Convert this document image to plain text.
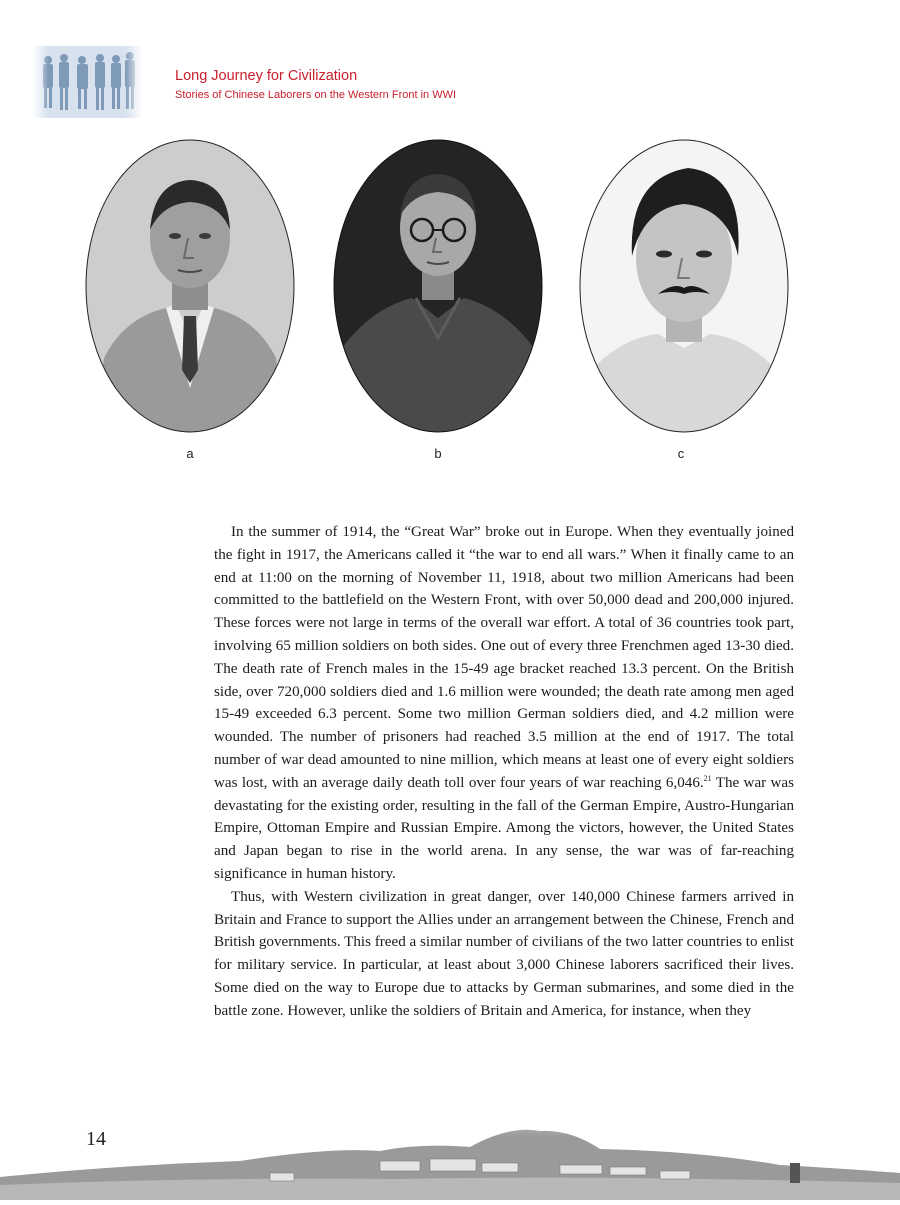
Long Journey for Civilization
Stories of Chinese Laborers on the Western Front in WWI
a	b	c

In the summer of 1914, the “Great War” broke out in Europe. When they eventually joined the fight in 1917, the Americans called it “the war to end all wars.” When it finally came to an end at 11:00 on the morning of November 11, 1918, about two million Americans had been committed to the battlefield on the Western Front, with over 50,000 dead and 200,000 injured. These forces were not large in terms of the overall war effort. A total of 36 countries took part, involving 65 million soldiers on both sides. One out of every three Frenchmen aged 13-30 died. The death rate of French males in the 15-49 age bracket reached 13.3 percent. On the British side, over 720,000 soldiers died and 1.6 million were wounded; the death rate among men aged 15-49 exceeded 6.3 percent. Some two million German soldiers died, and 4.2 million were wounded. The number of prisoners had reached 3.5 million at the end of 1917. The total number of war dead amounted to nine million, which means at least one of every eight soldiers was lost, with an average daily death toll over four years of war reaching 6,046.21 The war was devastating for the existing order, resulting in the fall of the German Empire, Austro-Hungarian Empire, Ottoman Empire and Russian Empire. Among the victors, however, the United States and Japan began to rise in the world arena. In any sense, the war was of far-reaching significance in human history.

Thus, with Western civilization in great danger, over 140,000 Chinese farmers arrived in Britain and France to support the Allies under an arrangement between the Chinese, French and British governments. This freed a similar number of civilians of the two latter countries to enlist for military service. In particular, at least about 3,000 Chinese laborers sacrificed their lives. Some died on the way to Europe due to attacks by German submarines, and some died in the battle zone. However, unlike the soldiers of Britain and America, for instance, when they

14
